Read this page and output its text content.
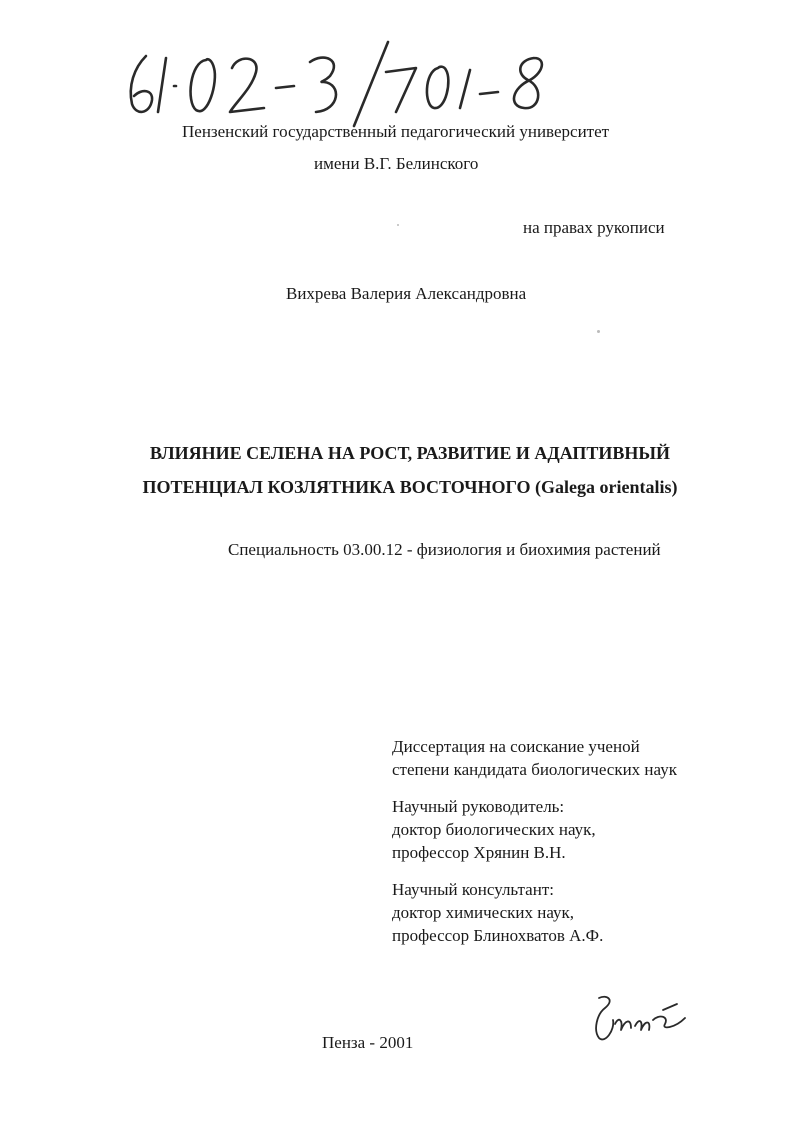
61-02-3/701-8
Пензенский государственный педагогический университет
имени В.Г. Белинского
на правах рукописи
Вихрева Валерия Александровна
ВЛИЯНИЕ СЕЛЕНА НА РОСТ, РАЗВИТИЕ И АДАПТИВНЫЙ
ПОТЕНЦИАЛ КОЗЛЯТНИКА ВОСТОЧНОГО (Galega orientalis)
Специальность 03.00.12 - физиология и биохимия растений
Диссертация на соискание ученой
степени кандидата биологических наук
Научный руководитель:
доктор биологических наук,
профессор Хрянин В.Н.
Научный консультант:
доктор химических наук,
профессор Блинохватов А.Ф.
Пенза - 2001
